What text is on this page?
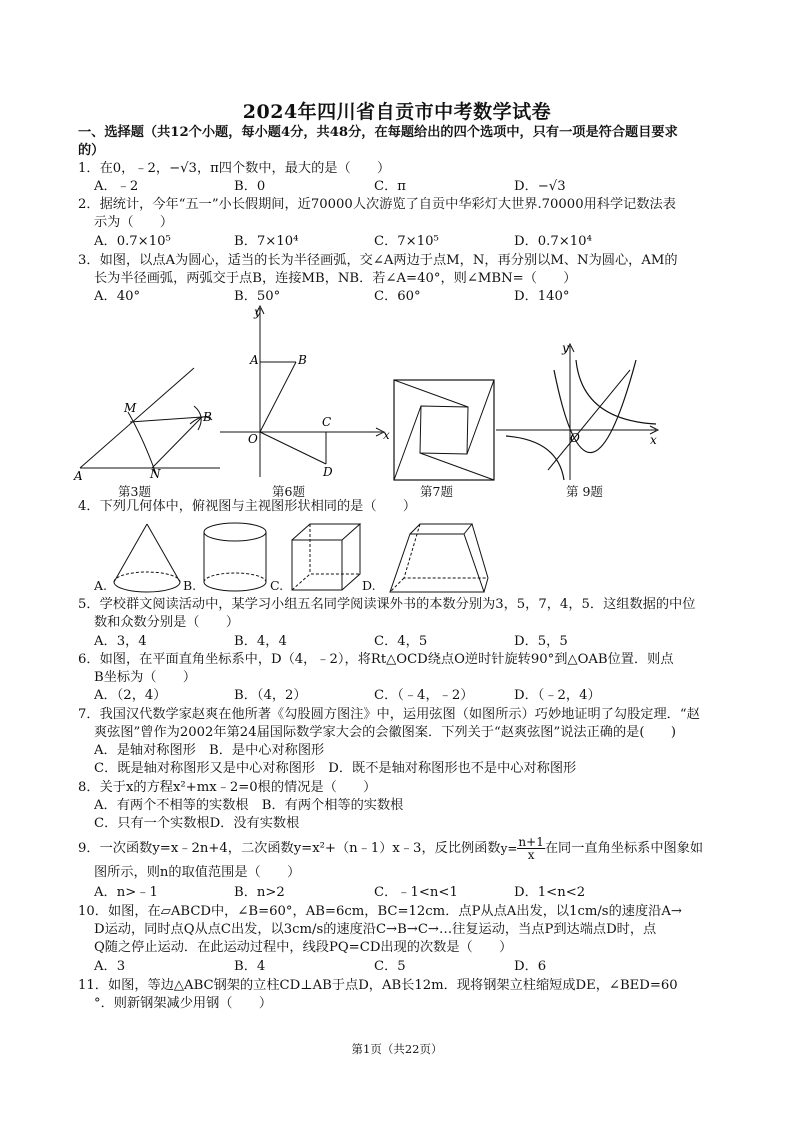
2024年四川省自贡市中考数学试卷
一、选择题（共12个小题，每小题4分，共48分，在每题给出的四个选项中，只有一项是符合题目要求
的）
1．在0，﹣2，−√3，π四个数中，最大的是（　　）
A．﹣2	B．0	C．π	D．−√3
2．据统计，今年“五一”小长假期间，近70000人次游览了自贡中华彩灯大世界.70000用科学记数法表
示为（　　）
A．0.7×10⁵	B．7×10⁴	C．7×10⁵	D．0.7×10⁴
3．如图，以点A为圆心，适当的长为半径画弧，交∠A两边于点M，N，再分别以M、N为圆心，AM的
长为半径画弧，两弧交于点B，连接MB，NB．若∠A=40°，则∠MBN=（　　）
A．40°	B．50°	C．60°	D．140°
M
B
A	N
第3题
y
A	B
O
C
x
D
第6题	第7题
y
O	x
第 9题
4．下列几何体中，俯视图与主视图形状相同的是（　　）
A.	B.	C.	D.
5．学校群文阅读活动中，某学习小组五名同学阅读课外书的本数分别为3，5，7，4，5．这组数据的中位
数和众数分别是（　　）
A．3，4	B．4，4	C．4，5	D．5，5
6．如图，在平面直角坐标系中，D（4，﹣2），将Rt△OCD绕点O逆时针旋转90°到△OAB位置．则点
B坐标为（　　）
A．（2，4）	B．（4，2）	C．（﹣4，﹣2）	D．（﹣2，4）
7．我国汉代数学家赵爽在他所著《勾股圆方图注》中，运用弦图（如图所示）巧妙地证明了勾股定理．“赵
爽弦图”曾作为2002年第24届国际数学家大会的会徽图案．下列关于“赵爽弦图”说法正确的是(　　)
A．是轴对称图形　B．是中心对称图形
C．既是轴对称图形又是中心对称图形　D．既不是轴对称图形也不是中心对称图形
8．关于x的方程x²+mx﹣2=0根的情况是（　　）
A．有两个不相等的实数根　B．有两个相等的实数根
C．只有一个实数根D．没有实数根
9．一次函数y=x﹣2n+4，二次函数y=x²+（n﹣1）x﹣3，反比例函数$y= \frac{n+1}{x}$ 在同一直角坐标系中图象如
图所示，则n的取值范围是（　　）
A．n>﹣1	B．n>2	C．﹣1<n<1	D．1<n<2
10．如图，在▱ABCD中，∠B=60°，AB=6cm，BC=12cm．点P从点A出发，以1cm/s的速度沿A→
D运动，同时点Q从点C出发，以3cm/s的速度沿C→B→C→…往复运动，当点P到达端点D时，点
Q随之停止运动．在此运动过程中，线段PQ=CD出现的次数是（　　）
A．3	B．4	C．5	D．6
11．如图，等边△ABC钢架的立柱CD⊥AB于点D，AB长12m．现将钢架立柱缩短成DE，∠BED=60
°．则新钢架减少用钢（　　）
第1页（共22页）
